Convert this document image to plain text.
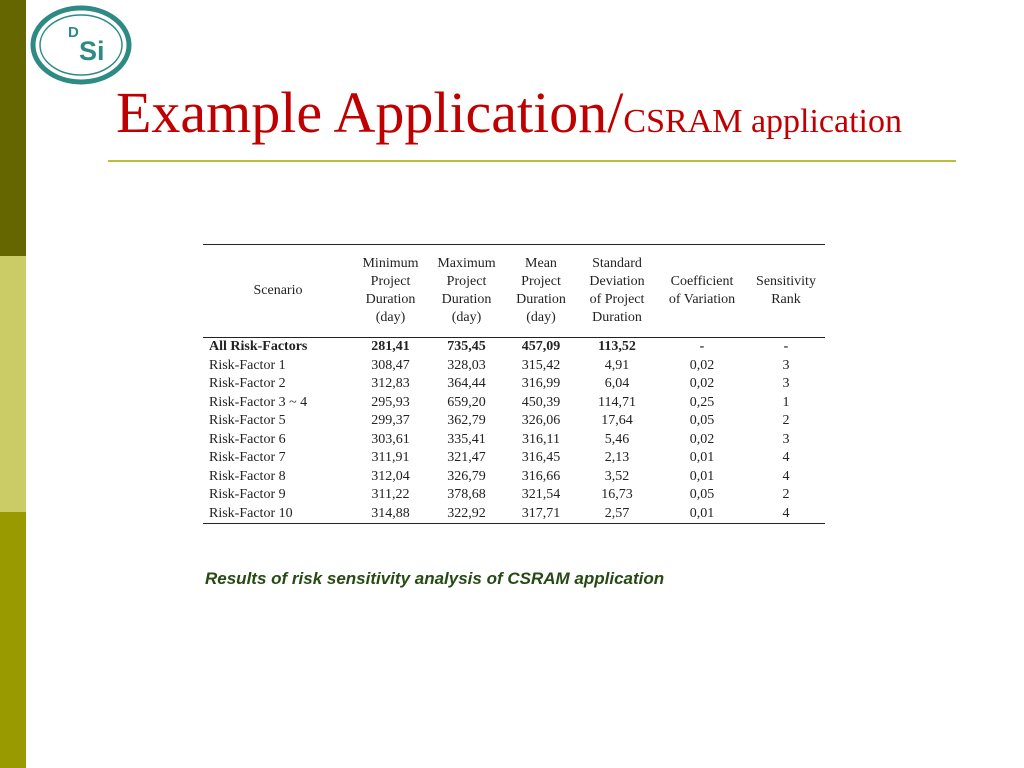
D
Si
Example Application/CSRAM application
Scenario	Minimum Project Duration (day)	Maximum Project Duration (day)	Mean Project Duration (day)	Standard Deviation of Project Duration	Coefficient of Variation	Sensitivity Rank

All Risk-Factors	281,41	735,45	457,09	113,52	-	-
Risk-Factor 1	308,47	328,03	315,42	4,91	0,02	3
Risk-Factor 2	312,83	364,44	316,99	6,04	0,02	3
Risk-Factor 3 ~ 4	295,93	659,20	450,39	114,71	0,25	1
Risk-Factor 5	299,37	362,79	326,06	17,64	0,05	2
Risk-Factor 6	303,61	335,41	316,11	5,46	0,02	3
Risk-Factor 7	311,91	321,47	316,45	2,13	0,01	4
Risk-Factor 8	312,04	326,79	316,66	3,52	0,01	4
Risk-Factor 9	311,22	378,68	321,54	16,73	0,05	2
Risk-Factor 10	314,88	322,92	317,71	2,57	0,01	4
Results of risk sensitivity analysis of CSRAM application
